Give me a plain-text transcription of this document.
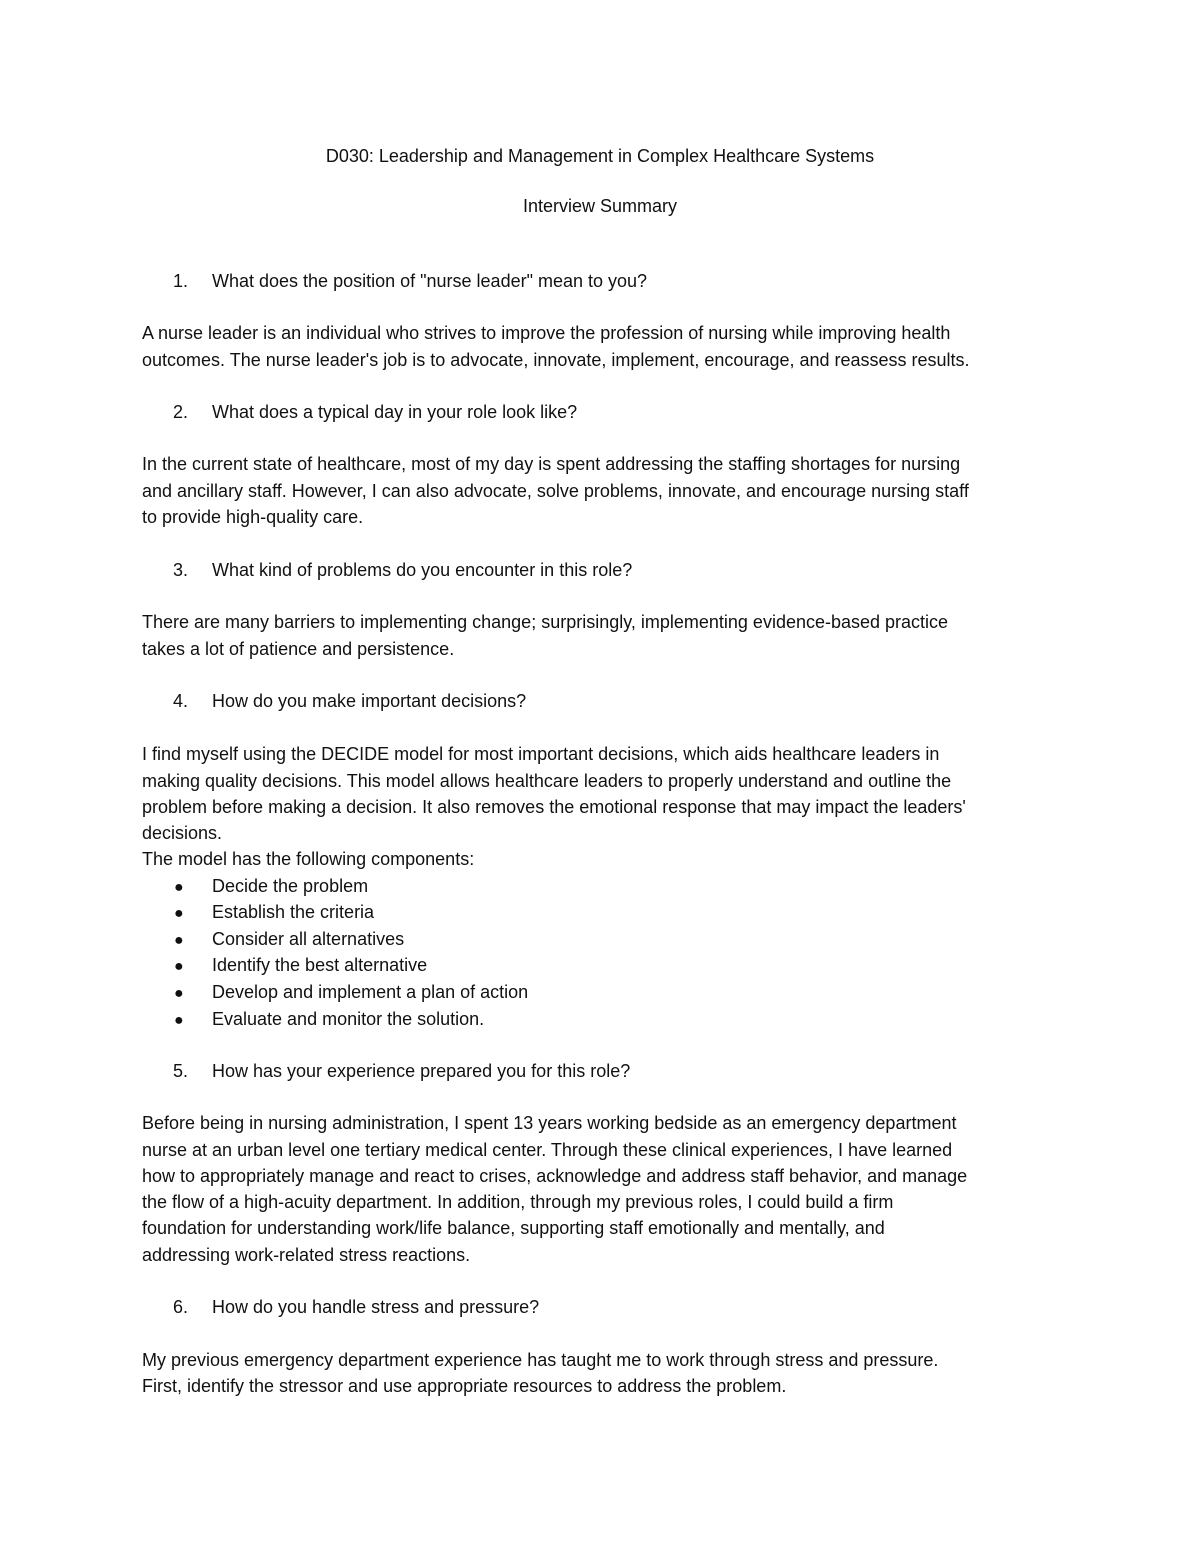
D030: Leadership and Management in Complex Healthcare Systems
Interview Summary
1. What does the position of "nurse leader" mean to you?
A nurse leader is an individual who strives to improve the profession of nursing while improving health
outcomes. The nurse leader's job is to advocate, innovate, implement, encourage, and reassess results.
2. What does a typical day in your role look like?
In the current state of healthcare, most of my day is spent addressing the staffing shortages for nursing
and ancillary staff. However, I can also advocate, solve problems, innovate, and encourage nursing staff
to provide high-quality care.
3. What kind of problems do you encounter in this role?
There are many barriers to implementing change; surprisingly, implementing evidence-based practice
takes a lot of patience and persistence.
4. How do you make important decisions?
I find myself using the DECIDE model for most important decisions, which aids healthcare leaders in
making quality decisions. This model allows healthcare leaders to properly understand and outline the
problem before making a decision. It also removes the emotional response that may impact the leaders'
decisions.
The model has the following components:
● Decide the problem
● Establish the criteria
● Consider all alternatives
● Identify the best alternative
● Develop and implement a plan of action
● Evaluate and monitor the solution.
5. How has your experience prepared you for this role?
Before being in nursing administration, I spent 13 years working bedside as an emergency department
nurse at an urban level one tertiary medical center. Through these clinical experiences, I have learned
how to appropriately manage and react to crises, acknowledge and address staff behavior, and manage
the flow of a high-acuity department. In addition, through my previous roles, I could build a firm
foundation for understanding work/life balance, supporting staff emotionally and mentally, and
addressing work-related stress reactions.
6. How do you handle stress and pressure?
My previous emergency department experience has taught me to work through stress and pressure.
First, identify the stressor and use appropriate resources to address the problem.
